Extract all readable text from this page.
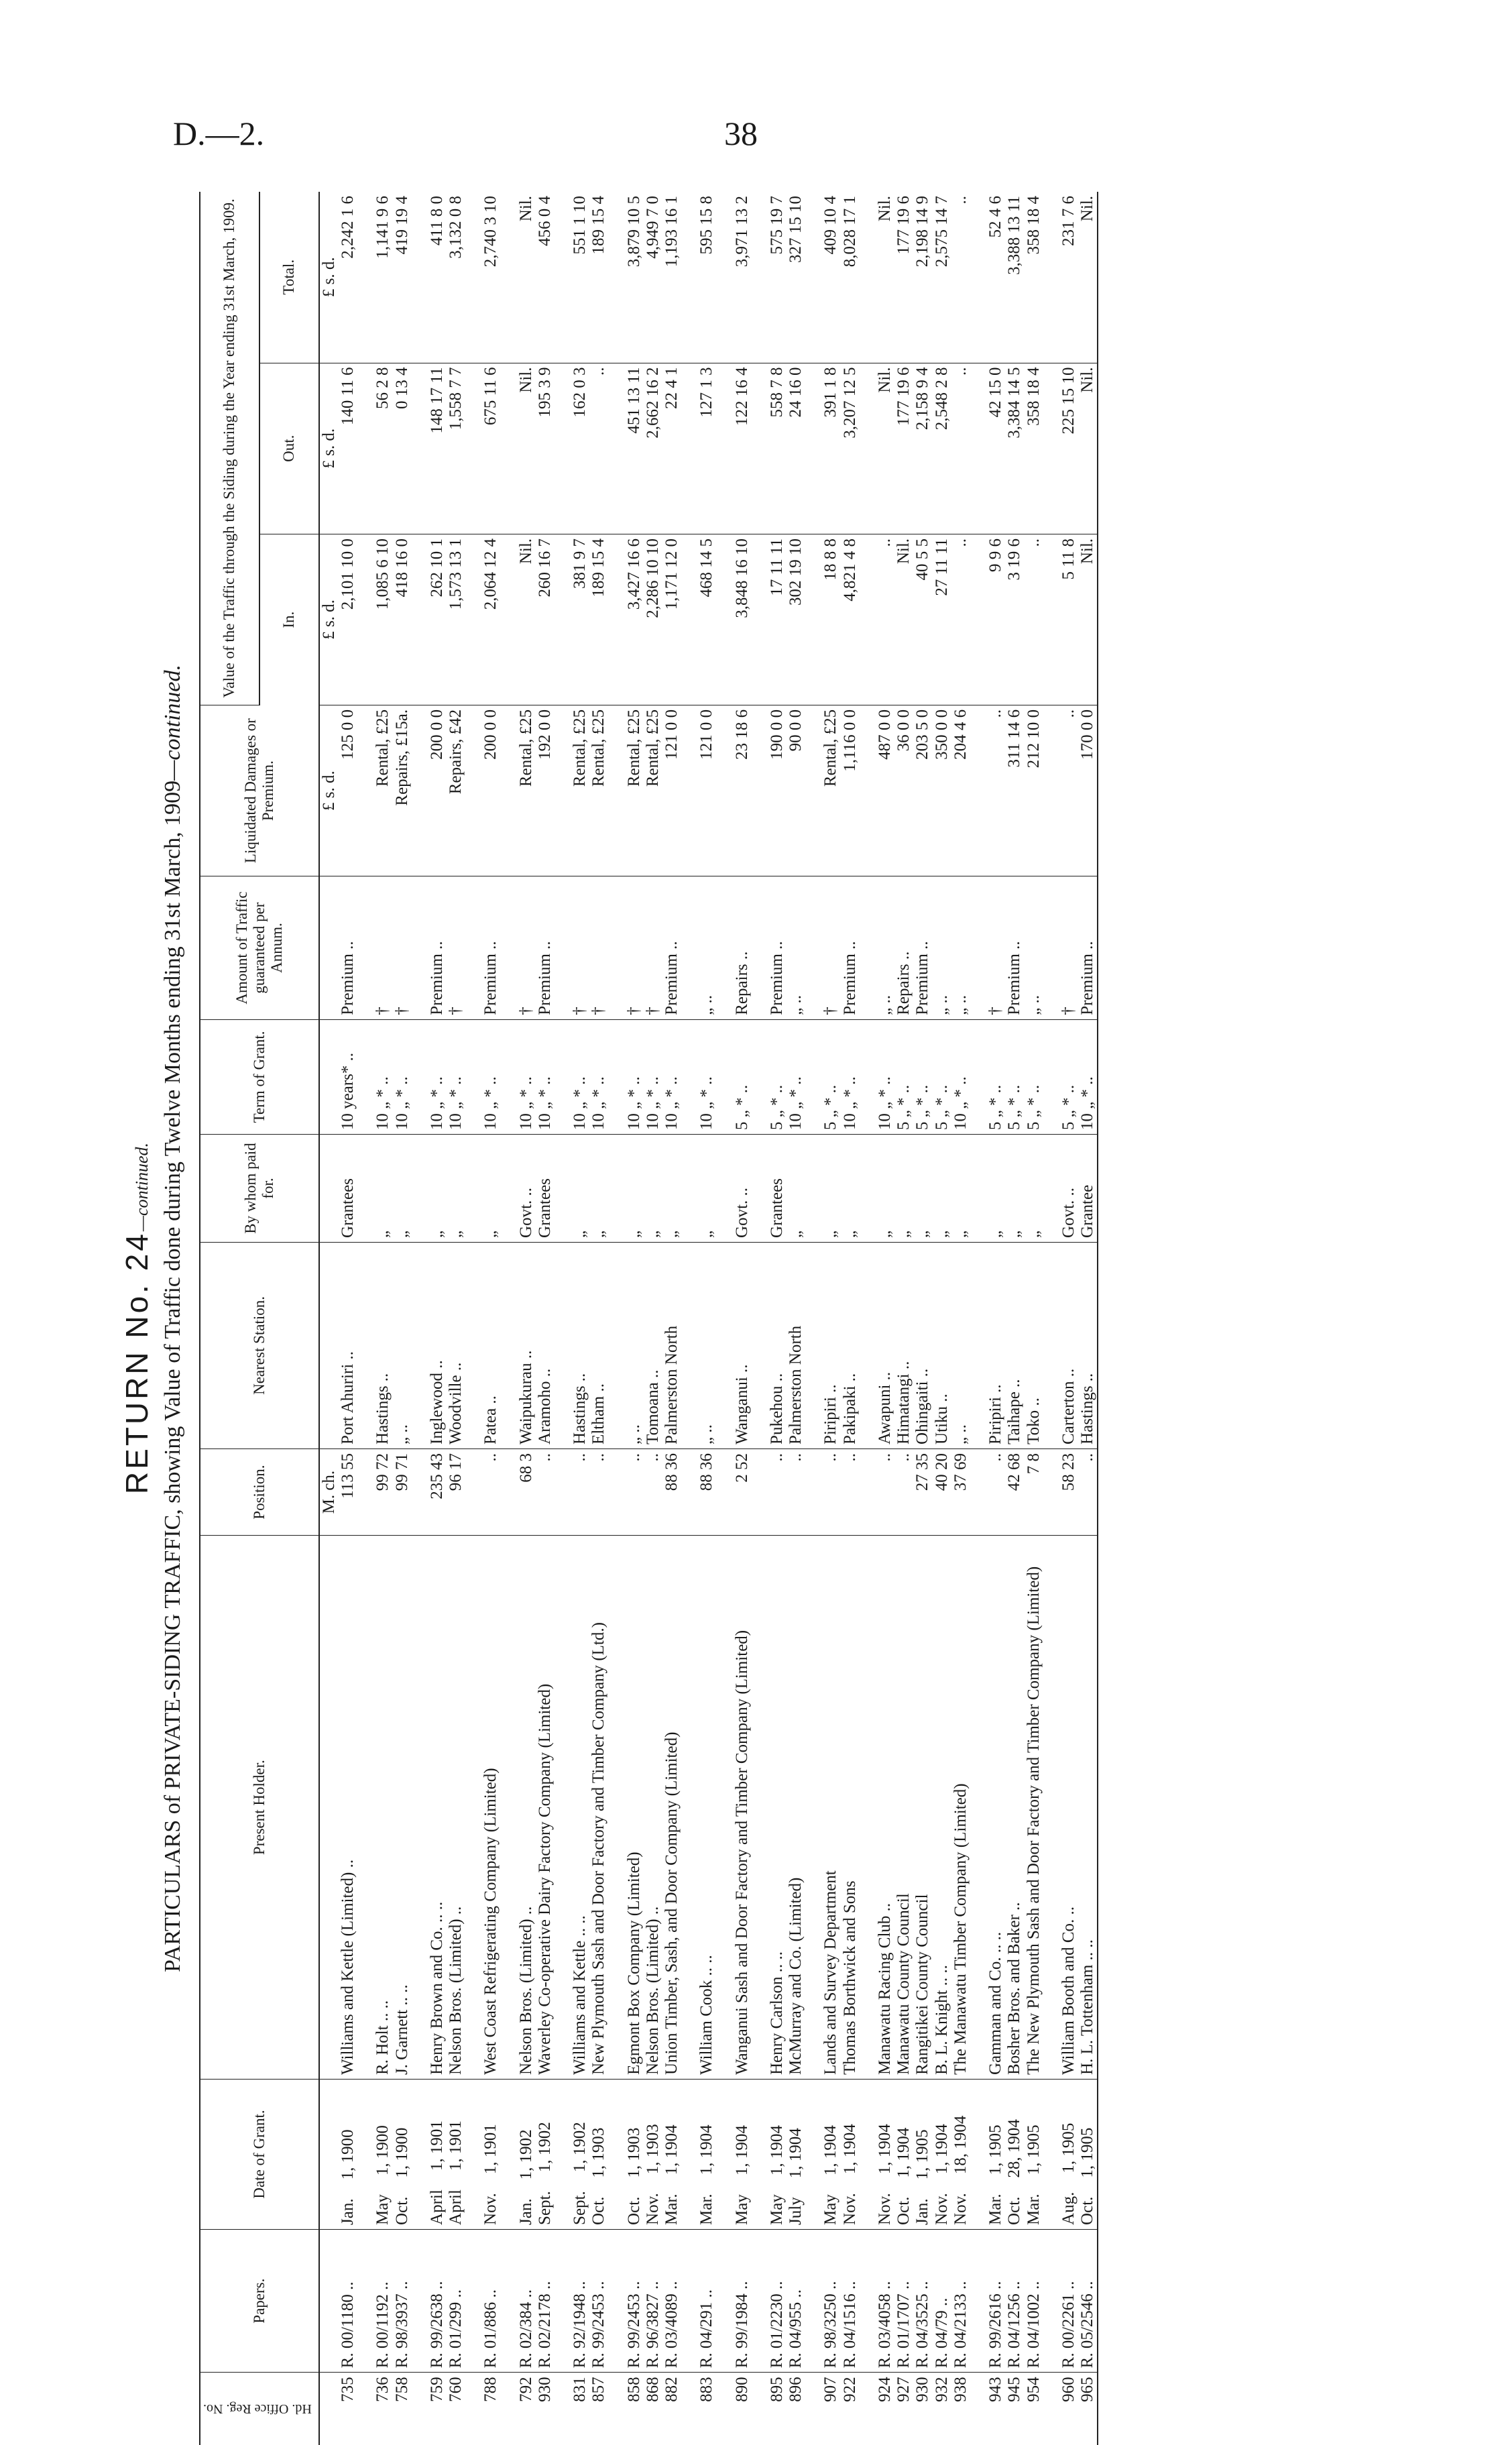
D.—2.	38
RETURN No. 24—continued. PARTICULARS of PRIVATE-SIDING TRAFFIC, showing Value of Traffic done during Twelve Months ending 31st March, 1909—continued.
Hd. Office Reg. No.	Papers.	Date of Grant.	Present Holder.	Position.	Nearest Station.	By whom paid for.	Term of Grant.	Amount of Traffic guaranteed per Annum.	Liquidated Damages or Premium.	Value of the Traffic through the Siding during the Year ending 31st March, 1909.		
										In.	Out.	Total.
				M. ch.					£ s. d.	£ s. d.	£ s. d.	£ s. d.
735	R. 00/1180 ..	Jan.1, 1900	Williams and Kettle (Limited) ..	113 55	Port Ahuriri ..	Grantees	10 years* ..	Premium ..	125 0 0	2,101 10 0	140 11 6	2,242 1 6
736	R. 00/1192 ..	May1, 1900	R. Holt .. ..	99 72	Hastings ..	„	10 „ * ..	†	Rental, £25	1,085 6 10	56 2 8	1,141 9 6
758	R. 98/3937 ..	Oct.1, 1900	J. Garnett .. ..	99 71	„ ..	„	10 „ * ..	†	Repairs, £15a.	418 16 0	0 13 4	419 19 4
759	R. 99/2638 ..	April1, 1901	Henry Brown and Co. .. ..	235 43	Inglewood ..	„	10 „ * ..	Premium ..	200 0 0	262 10 1	148 17 11	411 8 0
760	R. 01/299 ..	April1, 1901	Nelson Bros. (Limited) ..	96 17	Woodville ..	„	10 „ * ..	†	Repairs, £42	1,573 13 1	1,558 7 7	3,132 0 8
788	R. 01/886 ..	Nov.1, 1901	West Coast Refrigerating Company (Limited)	..	Patea ..	„	10 „ * ..	Premium ..	200 0 0	2,064 12 4	675 11 6	2,740 3 10
792	R. 02/384 ..	Jan.1, 1902	Nelson Bros. (Limited) ..	68 3	Waipukurau ..	Govt. ..	10 „ * ..	†	Rental, £25	Nil.	Nil.	Nil.
930	R. 02/2178 ..	Sept.1, 1902	Waverley Co-operative Dairy Factory Company (Limited)	..	Aramoho ..	Grantees	10 „ * ..	Premium ..	192 0 0	260 16 7	195 3 9	456 0 4
831	R. 92/1948 ..	Sept.1, 1902	Williams and Kettle .. ..	..	Hastings ..	„	10 „ * ..	†	Rental, £25	381 9 7	162 0 3	551 1 10
857	R. 99/2453 ..	Oct.1, 1903	New Plymouth Sash and Door Factory and Timber Company (Ltd.)	..	Eltham ..	„	10 „ * ..	†	Rental, £25	189 15 4	..	189 15 4
858	R. 99/2453 ..	Oct.1, 1903	Egmont Box Company (Limited)	..	„ ..	„	10 „ * ..	†	Rental, £25	3,427 16 6	451 13 11	3,879 10 5
868	R. 96/3827 ..	Nov.1, 1903	Nelson Bros. (Limited) ..	..	Tomoana ..	„	10 „ * ..	†	Rental, £25	2,286 10 10	2,662 16 2	4,949 7 0
882	R. 03/4089 ..	Mar.1, 1904	Union Timber, Sash, and Door Company (Limited)	88 36	Palmerston North	„	10 „ * ..	Premium ..	121 0 0	1,171 12 0	22 4 1	1,193 16 1
883	R. 04/291 ..	Mar.1, 1904	William Cook .. ..	88 36	„ ..	„	10 „ * ..	„ ..	121 0 0	468 14 5	127 1 3	595 15 8
890	R. 99/1984 ..	May1, 1904	Wanganui Sash and Door Factory and Timber Company (Limited)	2 52	Wanganui ..	Govt. ..	5 „ * ..	Repairs ..	23 18 6	3,848 16 10	122 16 4	3,971 13 2
895	R. 01/2230 ..	May1, 1904	Henry Carlson .. ..	..	Pukehou ..	Grantees	5 „ * ..	Premium ..	190 0 0	17 11 11	558 7 8	575 19 7
896	R. 04/955 ..	July1, 1904	McMurray and Co. (Limited)	..	Palmerston North	„	10 „ * ..	„ ..	90 0 0	302 19 10	24 16 0	327 15 10
907	R. 98/3250 ..	May1, 1904	Lands and Survey Department	..	Piripiri ..	„	5 „ * ..	†	Rental, £25	18 8 8	391 1 8	409 10 4
922	R. 04/1516 ..	Nov.1, 1904	Thomas Borthwick and Sons	..	Pakipaki ..	„	10 „ * ..	Premium ..	1,116 0 0	4,821 4 8	3,207 12 5	8,028 17 1
924	R. 03/4058 ..	Nov.1, 1904	Manawatu Racing Club ..	..	Awapuni ..	„	10 „ * ..	„ ..	487 0 0	..	Nil.	Nil.
927	R. 01/1707 ..	Oct.1, 1904	Manawatu County Council	..	Himatangi ..	„	5 „ * ..	Repairs ..	36 0 0	Nil.	177 19 6	177 19 6
930	R. 04/3525 ..	Jan.1, 1905	Rangitikei County Council	27 35	Ohingaiti ..	„	5 „ * ..	Premium ..	203 5 0	40 5 5	2,158 9 4	2,198 14 9
932	R. 04/79 ..	Nov.1, 1904	B. L. Knight .. ..	40 20	Utiku ..	„	5 „ * ..	„ ..	350 0 0	27 11 11	2,548 2 8	2,575 14 7
938	R. 04/2133 ..	Nov.18, 1904	The Manawatu Timber Company (Limited)	37 69	„ ..	„	10 „ * ..	„ ..	204 4 6	..	..	..
943	R. 99/2616 ..	Mar.1, 1905	Gamman and Co. .. ..	..	Piripiri ..	„	5 „ * ..	†	..	9 9 6	42 15 0	52 4 6
945	R. 04/1256 ..	Oct.28, 1904	Bosher Bros. and Baker ..	42 68	Taihape ..	„	5 „ * ..	Premium ..	311 14 6	3 19 6	3,384 14 5	3,388 13 11
954	R. 04/1002 ..	Mar.1, 1905	The New Plymouth Sash and Door Factory and Timber Company (Limited)	7 8	Toko ..	„	5 „ * ..	„ ..	212 10 0	..	358 18 4	358 18 4
960	R. 00/2261 ..	Aug.1, 1905	William Booth and Co. ..	58 23	Carterton ..	Govt. ..	5 „ * ..	†	..	5 11 8	225 15 10	231 7 6
965	R. 05/2546 ..	Oct.1, 1905	H. L. Tottenham .. ..	..	Hastings ..	Grantee	10 „ * ..	Premium ..	170 0 0	Nil.	Nil.	Nil.
